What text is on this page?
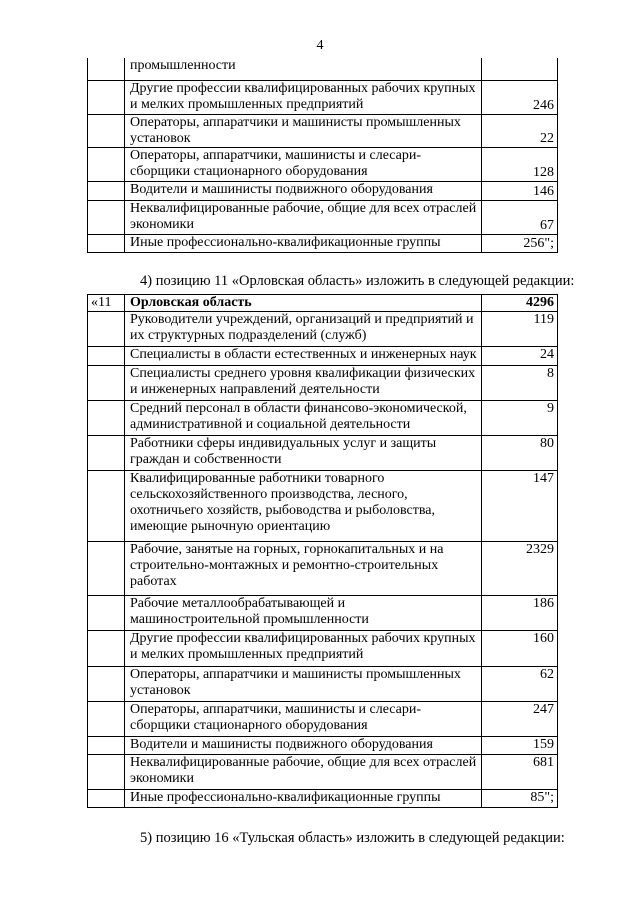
4
	промышленности	
	Другие профессии квалифицированных рабочих крупных и мелких промышленных предприятий	246
	Операторы, аппаратчики и машинисты промышленных установок	22
	Операторы, аппаратчики, машинисты и слесари-сборщики стационарного оборудования	128
	Водители и машинисты подвижного оборудования	146
	Неквалифицированные рабочие, общие для всех отраслей экономики	67
	Иные профессионально-квалификационные группы	256";
4) позицию 11 «Орловская область» изложить в следующей редакции:
«11	Орловская область	4296
	Руководители учреждений, организаций и предприятий и их структурных подразделений (служб)	119
	Специалисты в области естественных и инженерных наук	24
	Специалисты среднего уровня квалификации физических и инженерных направлений деятельности	8
	Средний персонал в области финансово-экономической, административной и социальной деятельности	9
	Работники сферы индивидуальных услуг и защиты граждан и собственности	80
	Квалифицированные работники товарного сельскохозяйственного производства, лесного, охотничьего хозяйств, рыбоводства и рыболовства, имеющие рыночную ориентацию	147
	Рабочие, занятые на горных, горнокапитальных и на строительно-монтажных и ремонтно-строительных работах	2329
	Рабочие металлообрабатывающей и машиностроительной промышленности	186
	Другие профессии квалифицированных рабочих крупных и мелких промышленных предприятий	160
	Операторы, аппаратчики и машинисты промышленных установок	62
	Операторы, аппаратчики, машинисты и слесари-сборщики стационарного оборудования	247
	Водители и машинисты подвижного оборудования	159
	Неквалифицированные рабочие, общие для всех отраслей экономики	681
	Иные профессионально-квалификационные группы	85";
5) позицию 16 «Тульская область» изложить в следующей редакции:
